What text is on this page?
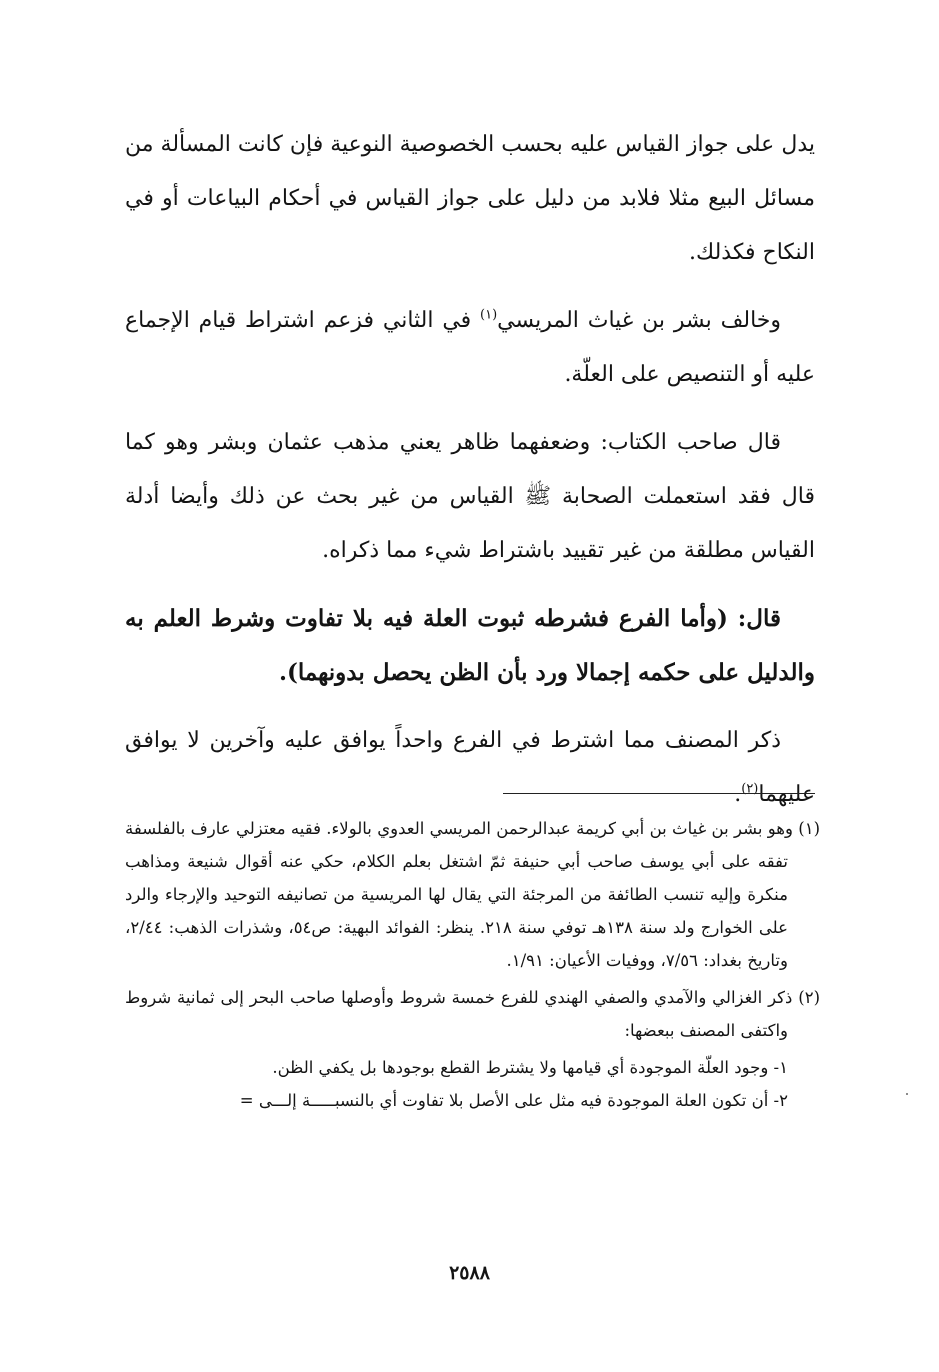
يدل على جواز القياس عليه بحسب الخصوصية النوعية فإن كانت المسألة من مسائل البيع مثلا فلابد من دليل على جواز القياس في أحكام البياعات أو في النكاح فكذلك.

وخالف بشر بن غياث المريسي$^{(١)}$ في الثاني فزعم اشتراط قيام الإجماع عليه أو التنصيص على العلّة.

قال صاحب الكتاب: وضعفهما ظاهر يعني مذهب عثمان وبشر وهو كما قال فقد استعملت الصحابة ﷺ القياس من غير بحث عن ذلك وأيضا أدلة القياس مطلقة من غير تقييد باشتراط شيء مما ذكراه.

قال: (وأما الفرع فشرطه ثبوت العلة فيه بلا تفاوت وشرط العلم به والدليل على حكمه إجمالا ورد بأن الظن يحصل بدونهما).

ذكر المصنف مما اشترط في الفرع واحداً يوافق عليه وآخرين لا يوافق عليهما$^{(٢)}$.

(١) وهو بشر بن غياث بن أبي كريمة عبدالرحمن المريسي العدوي بالولاء. فقيه معتزلي عارف بالفلسفة تفقه على أبي يوسف صاحب أبي حنيفة ثمّ اشتغل بعلم الكلام، حكي عنه أقوال شنيعة ومذاهب منكرة وإليه تنسب الطائفة من المرجئة التي يقال لها المريسية من تصانيفه التوحيد والإرجاء والرد على الخوارج ولد سنة ١٣٨هـ توفي سنة ٢١٨. ينظر: الفوائد البهية: ص٥٤، وشذرات الذهب: ٢/٤٤، وتاريخ بغداد: ٧/٥٦، ووفيات الأعيان: ١/٩١.

(٢) ذكر الغزالي والآمدي والصفي الهندي للفرع خمسة شروط وأوصلها صاحب البحر إلى ثمانية شروط واكتفى المصنف ببعضها:

١- وجود العلّة الموجودة أي قيامها ولا يشترط القطع بوجودها بل يكفي الظن.

٢- أن تكون العلة الموجودة فيه مثل على الأصل بلا تفاوت أي بالنسبـــــة إلـــى =

٢٥٨٨
